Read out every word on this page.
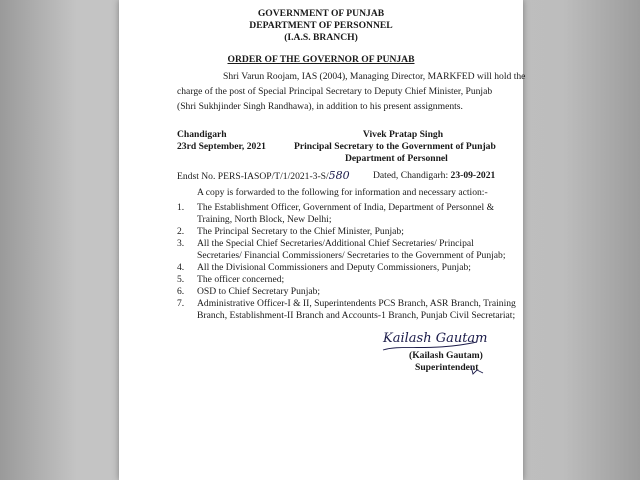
GOVERNMENT OF PUNJAB
DEPARTMENT OF PERSONNEL
(I.A.S. BRANCH)
ORDER OF THE GOVERNOR OF PUNJAB
Shri Varun Roojam, IAS (2004), Managing Director, MARKFED will hold the
charge of the post of Special Principal Secretary to Deputy Chief Minister, Punjab
(Shri Sukhjinder Singh Randhawa), in addition to his present assignments.
Chandigarh
23rd September, 2021
Vivek Pratap Singh
Principal Secretary to the Government of Punjab
Department of Personnel
Endst No. PERS-IASOP/T/1/2021-3-S/580 Dated, Chandigarh: 23-09-2021
A copy is forwarded to the following for information and necessary action:-
1. The Establishment Officer, Government of India, Department of Personnel &
Training, North Block, New Delhi;
2. The Principal Secretary to the Chief Minister, Punjab;
3. All the Special Chief Secretaries/Additional Chief Secretaries/ Principal
Secretaries/ Financial Commissioners/ Secretaries to the Government of Punjab;
4. All the Divisional Commissioners and Deputy Commissioners, Punjab;
5. The officer concerned;
6. OSD to Chief Secretary Punjab;
7. Administrative Officer-I & II, Superintendents PCS Branch, ASR Branch, Training
Branch, Establishment-II Branch and Accounts-1 Branch, Punjab Civil Secretariat;
Kailash Gautam
(Kailash Gautam)
Superintendent
